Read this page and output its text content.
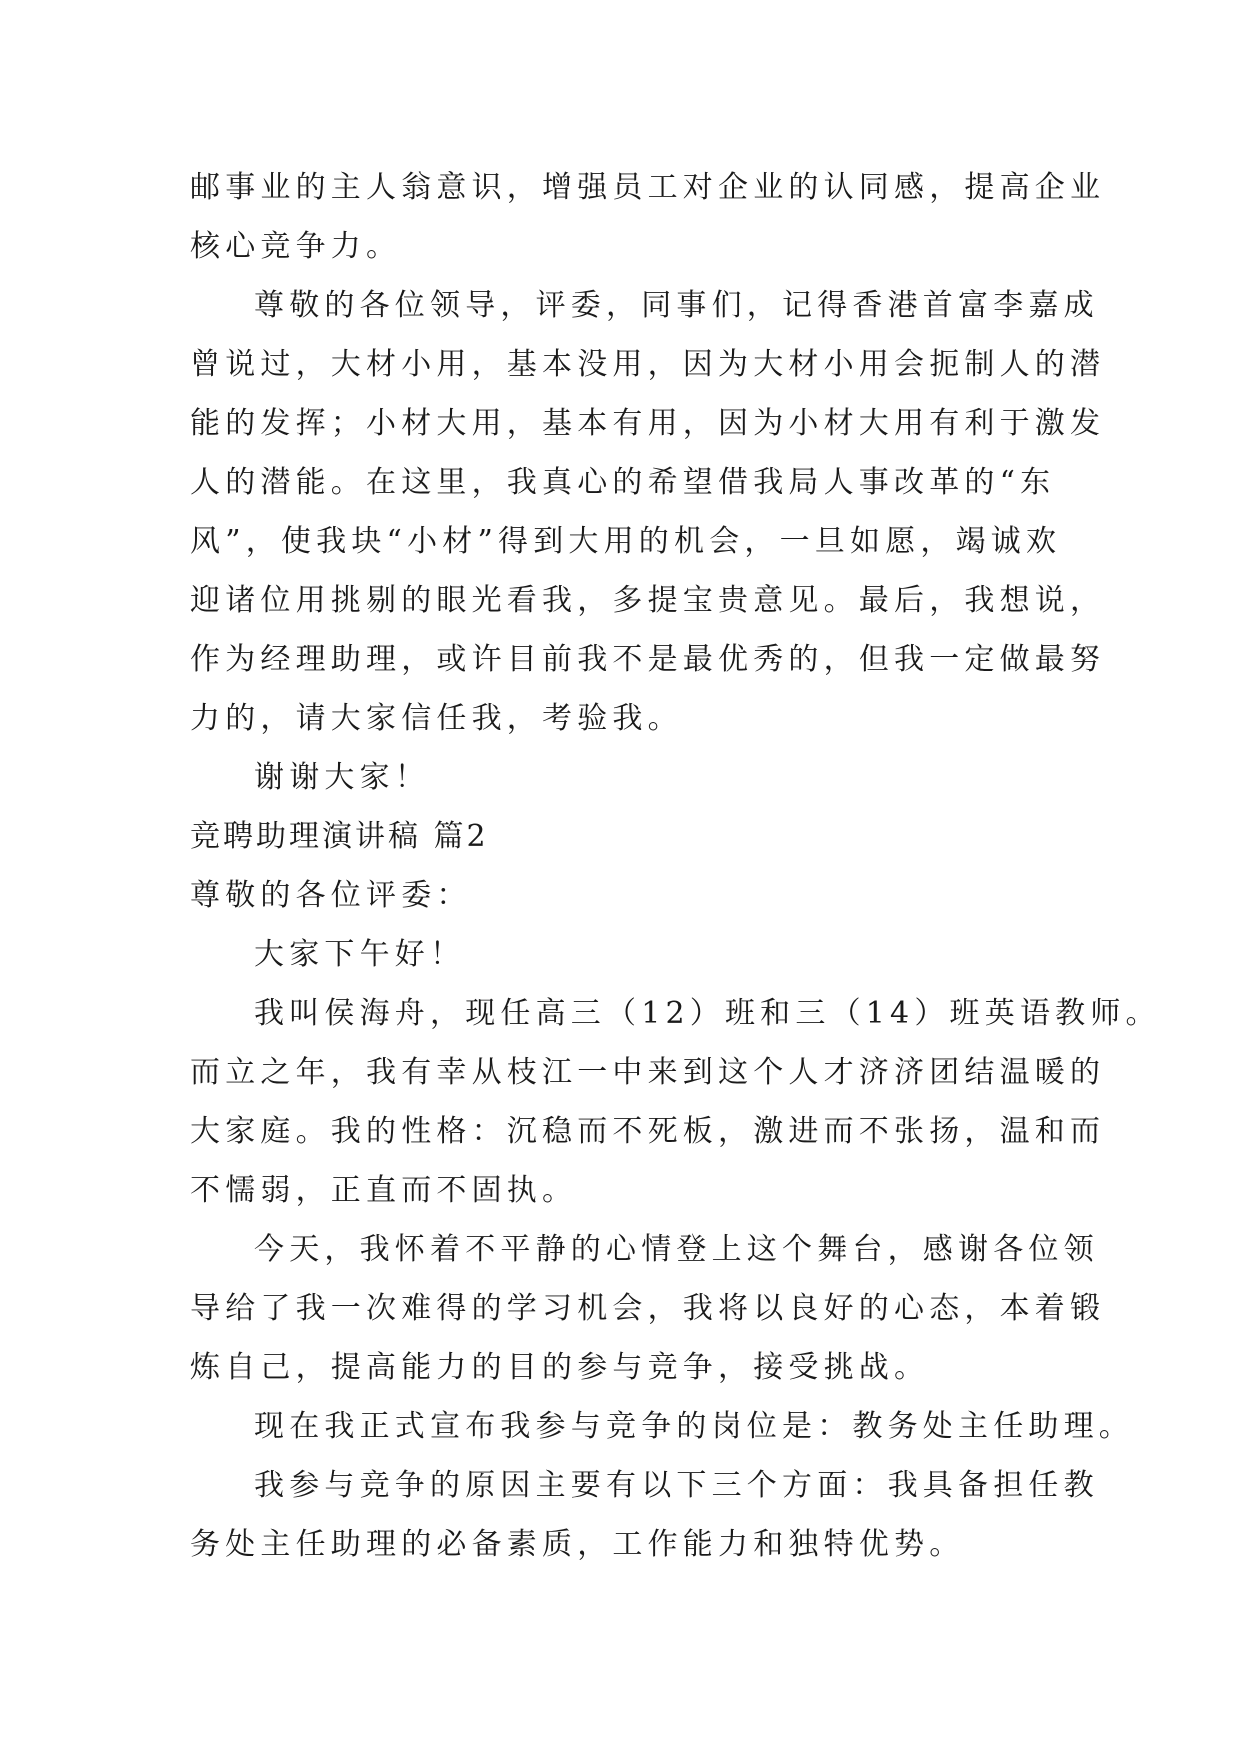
邮事业的主人翁意识，增强员工对企业的认同感，提高企业
核心竞争力。
尊敬的各位领导，评委，同事们，记得香港首富李嘉成
曾说过，大材小用，基本没用，因为大材小用会扼制人的潜
能的发挥；小材大用，基本有用，因为小材大用有利于激发
人的潜能。在这里，我真心的希望借我局人事改革的“东
风”，使我块“小材”得到大用的机会，一旦如愿，竭诚欢
迎诸位用挑剔的眼光看我，多提宝贵意见。最后，我想说，
作为经理助理，或许目前我不是最优秀的，但我一定做最努
力的，请大家信任我，考验我。
谢谢大家！
竞聘助理演讲稿 篇2
尊敬的各位评委：
大家下午好！
我叫侯海舟，现任高三（12）班和三（14）班英语教师。
而立之年，我有幸从枝江一中来到这个人才济济团结温暖的
大家庭。我的性格：沉稳而不死板，激进而不张扬，温和而
不懦弱，正直而不固执。
今天，我怀着不平静的心情登上这个舞台，感谢各位领
导给了我一次难得的学习机会，我将以良好的心态，本着锻
炼自己，提高能力的目的参与竞争，接受挑战。
现在我正式宣布我参与竞争的岗位是：教务处主任助理。
我参与竞争的原因主要有以下三个方面：我具备担任教
务处主任助理的必备素质，工作能力和独特优势。
